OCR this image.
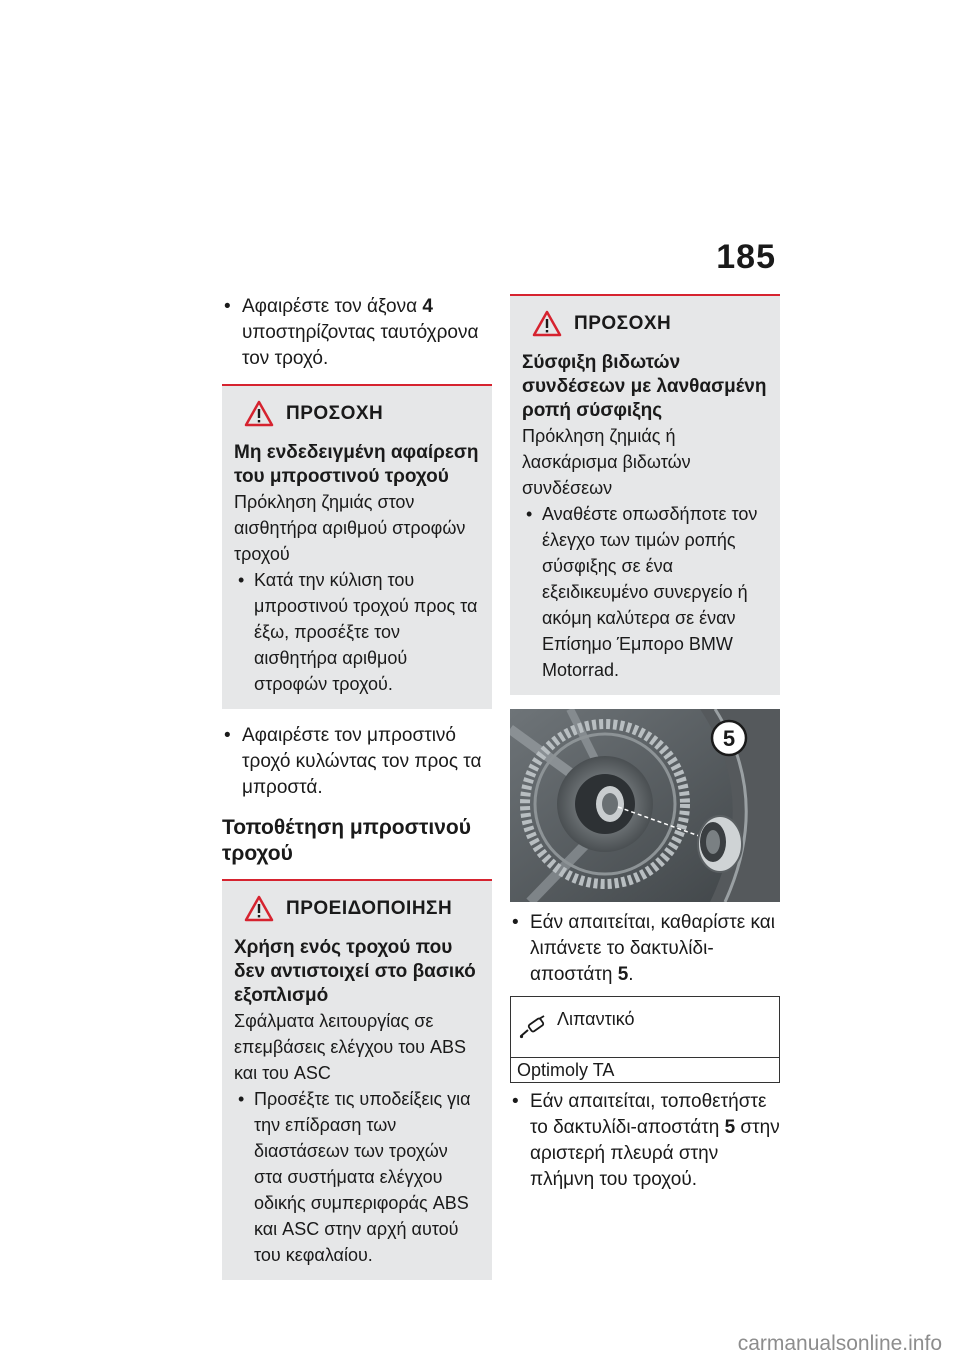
185
• Αφαιρέστε τον άξονα 4 υποστηρίζοντας ταυτόχρονα τον τροχό.
ΠΡΟΣΟΧΗ
Μη ενδεδειγμένη αφαίρεση του μπροστινού τροχού
Πρόκληση ζημιάς στον αισθητήρα αριθμού στροφών τροχού
• Κατά την κύλιση του μπροστινού τροχού προς τα έξω, προσέξτε τον αισθητήρα αριθμού στροφών τροχού.
• Αφαιρέστε τον μπροστινό τροχό κυλώντας τον προς τα μπροστά.
Τοποθέτηση μπροστινού τροχού
ΠΡΟΕΙΔΟΠΟΙΗΣΗ
Χρήση ενός τροχού που δεν αντιστοιχεί στο βασικό εξοπλισμό
Σφάλματα λειτουργίας σε επεμβάσεις ελέγχου του ABS και του ASC
• Προσέξτε τις υποδείξεις για την επίδραση των διαστάσεων των τροχών στα συστήματα ελέγχου οδικής συμπεριφοράς ABS και ASC στην αρχή αυτού του κεφαλαίου.
ΠΡΟΣΟΧΗ
Σύσφιξη βιδωτών συνδέσεων με λανθασμένη ροπή σύσφιξης
Πρόκληση ζημιάς ή λασκάρισμα βιδωτών συνδέσεων
• Αναθέστε οπωσδήποτε τον έλεγχο των τιμών ροπής σύσφιξης σε ένα εξειδικευμένο συνεργείο ή ακόμη καλύτερα σε έναν Επίσημο Έμπορο BMW Motorrad.
5
• Εάν απαιτείται, καθαρίστε και λιπάνετε το δακτυλίδι-αποστάτη 5.
Λιπαντικό
Optimoly TA
• Εάν απαιτείται, τοποθετήστε το δακτυλίδι-αποστάτη 5 στην αριστερή πλευρά στην πλήμνη του τροχού.
carmanualsonline.info
